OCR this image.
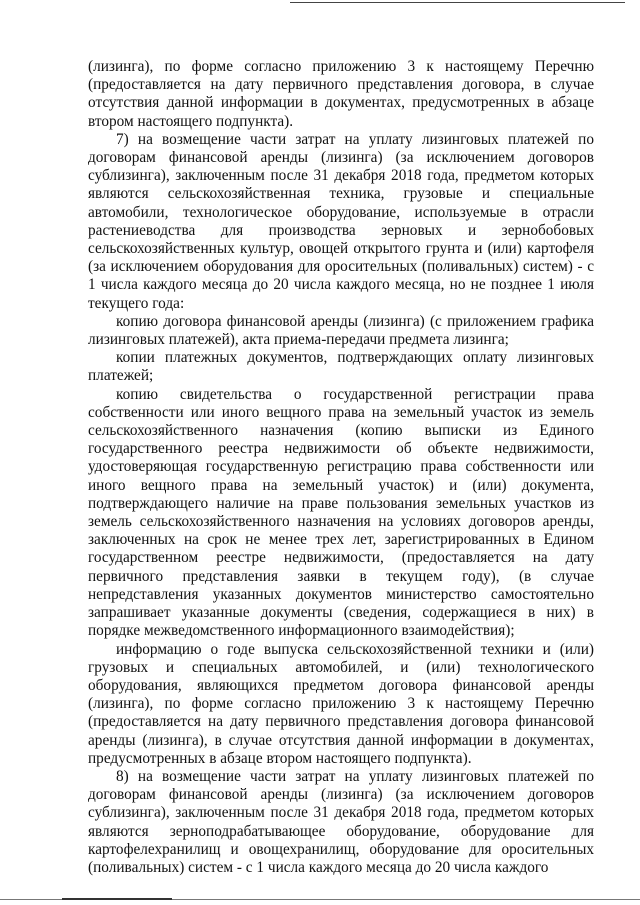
(лизинга), по форме согласно приложению 3 к настоящему Перечню (предоставляется на дату первичного представления договора, в случае отсутствия данной информации в документах, предусмотренных в абзаце втором настоящего подпункта).

7) на возмещение части затрат на уплату лизинговых платежей по договорам финансовой аренды (лизинга) (за исключением договоров сублизинга), заключенным после 31 декабря 2018 года, предметом которых являются сельскохозяйственная техника, грузовые и специальные автомобили, технологическое оборудование, используемые в отрасли растениеводства для производства зерновых и зернобобовых сельскохозяйственных культур, овощей открытого грунта и (или) картофеля (за исключением оборудования для оросительных (поливальных) систем) - с 1 числа каждого месяца до 20 числа каждого месяца, но не позднее 1 июля текущего года:

копию договора финансовой аренды (лизинга) (с приложением графика лизинговых платежей), акта приема-передачи предмета лизинга;

копии платежных документов, подтверждающих оплату лизинговых платежей;

копию свидетельства о государственной регистрации права собственности или иного вещного права на земельный участок из земель сельскохозяйственного назначения (копию выписки из Единого государственного реестра недвижимости об объекте недвижимости, удостоверяющая государственную регистрацию права собственности или иного вещного права на земельный участок) и (или) документа, подтверждающего наличие на праве пользования земельных участков из земель сельскохозяйственного назначения на условиях договоров аренды, заключенных на срок не менее трех лет, зарегистрированных в Едином государственном реестре недвижимости, (предоставляется на дату первичного представления заявки в текущем году), (в случае непредставления указанных документов министерство самостоятельно запрашивает указанные документы (сведения, содержащиеся в них) в порядке межведомственного информационного взаимодействия);

информацию о годе выпуска сельскохозяйственной техники и (или) грузовых и специальных автомобилей, и (или) технологического оборудования, являющихся предметом договора финансовой аренды (лизинга), по форме согласно приложению 3 к настоящему Перечню (предоставляется на дату первичного представления договора финансовой аренды (лизинга), в случае отсутствия данной информации в документах, предусмотренных в абзаце втором настоящего подпункта).

8) на возмещение части затрат на уплату лизинговых платежей по договорам финансовой аренды (лизинга) (за исключением договоров сублизинга), заключенным после 31 декабря 2018 года, предметом которых являются зерноподрабатывающее оборудование, оборудование для картофелехранилищ и овощехранилищ, оборудование для оросительных (поливальных) систем - с 1 числа каждого месяца до 20 числа каждого
